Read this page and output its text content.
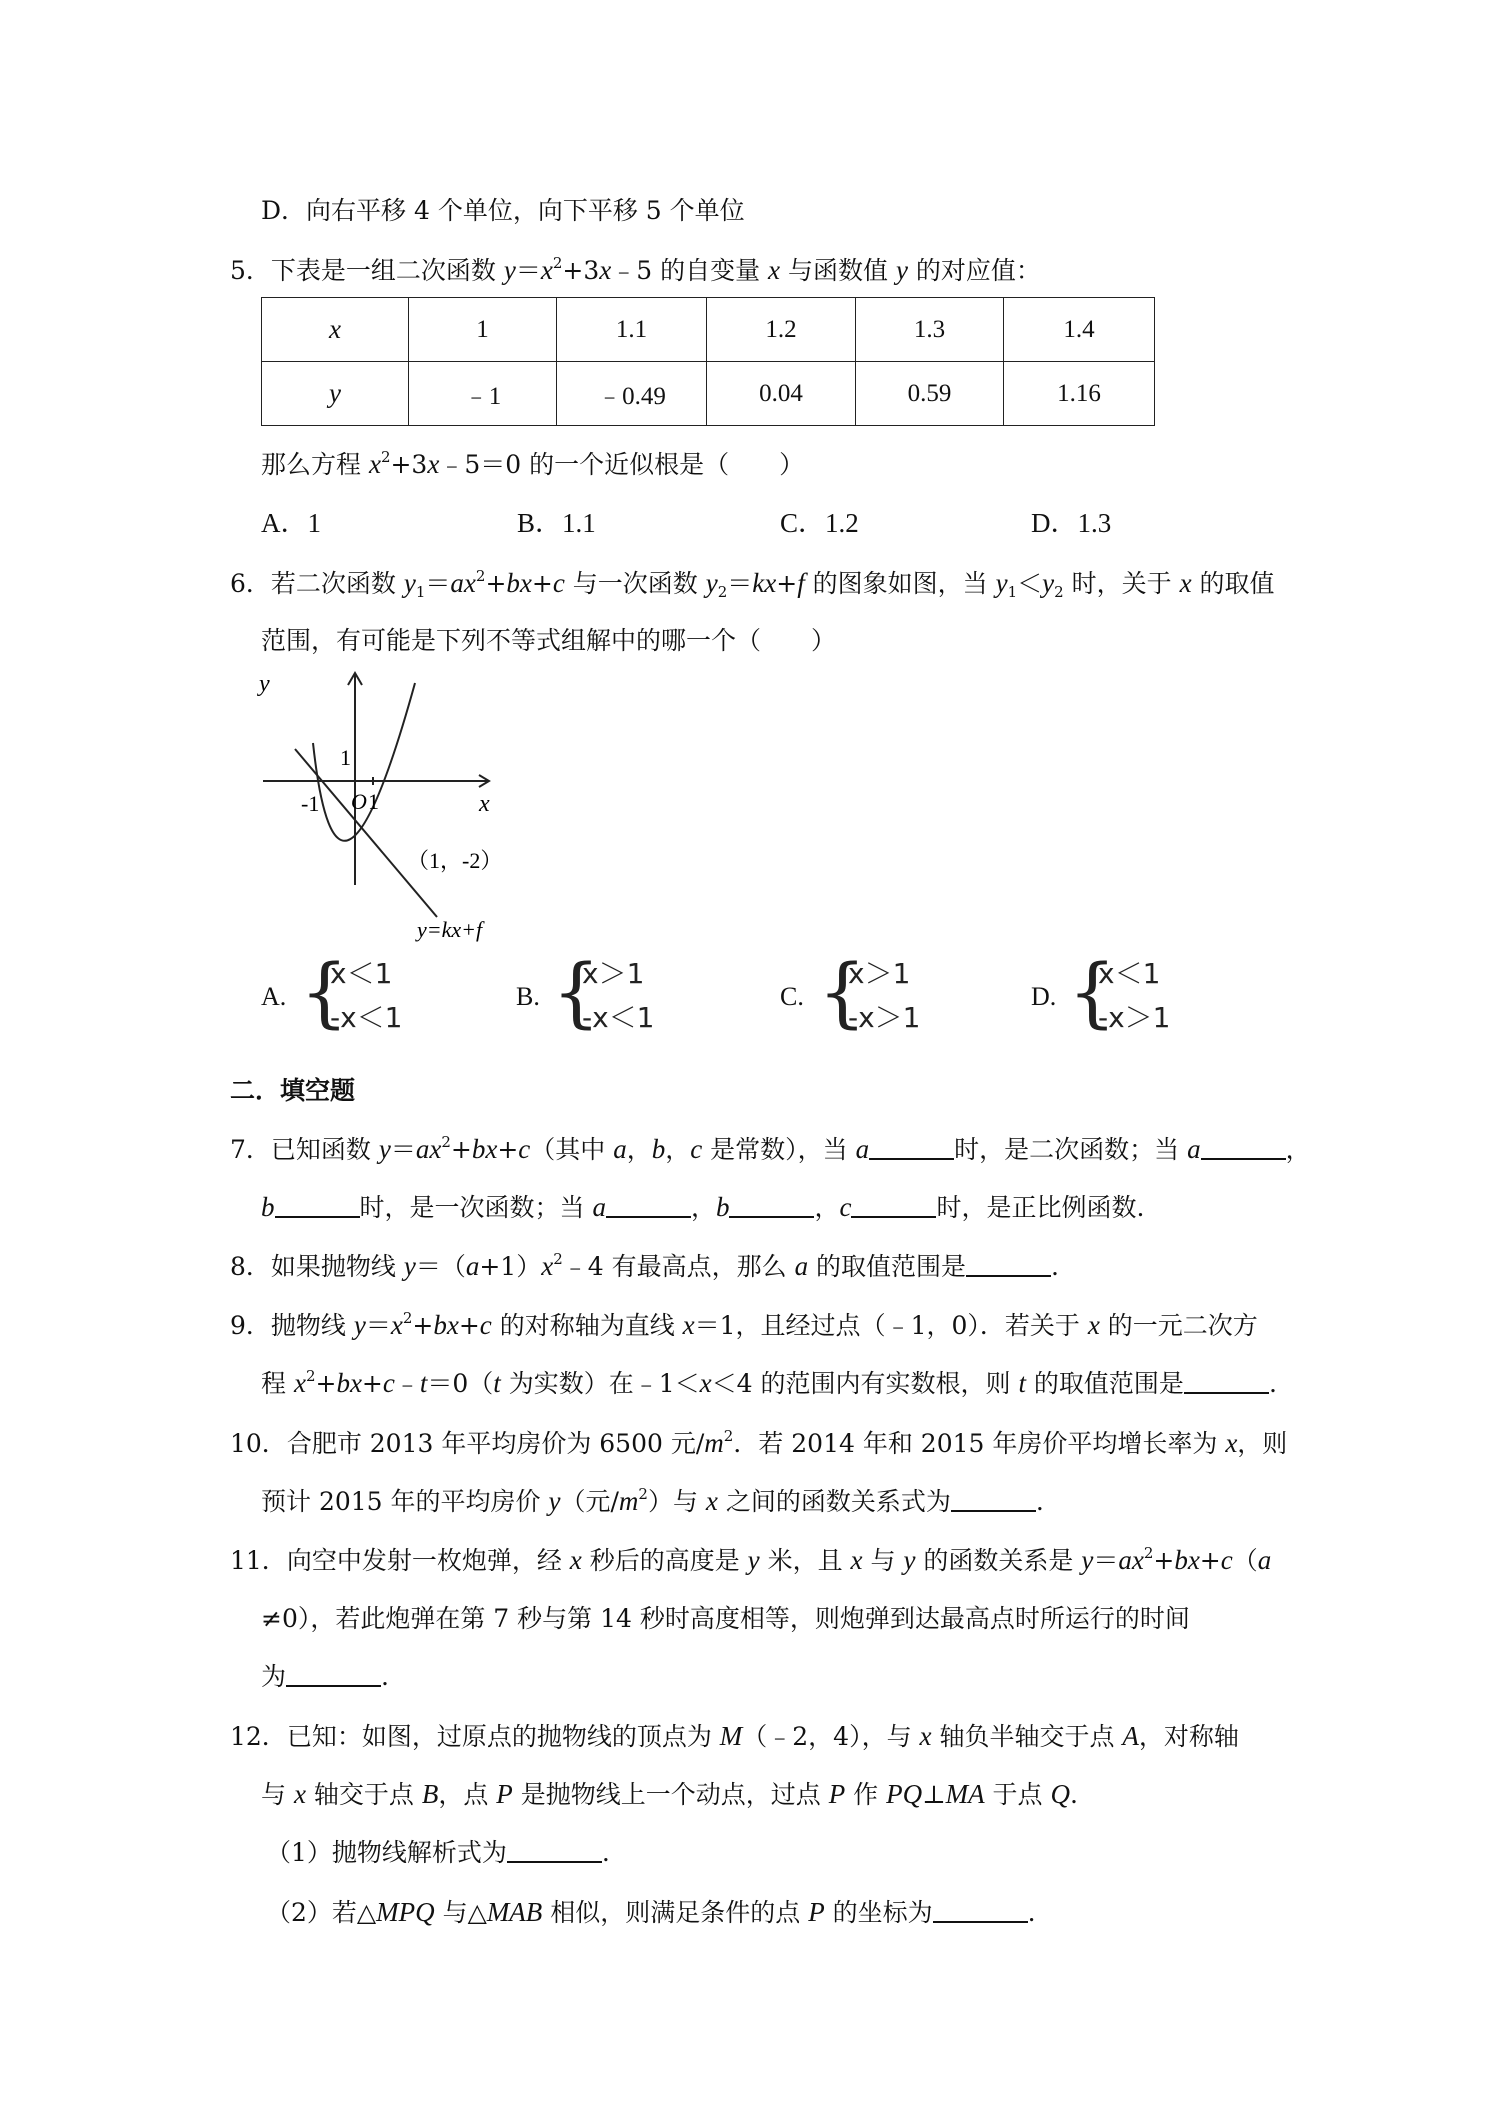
D．向右平移 4 个单位，向下平移 5 个单位
5．下表是一组二次函数 $y=x^2+3x﹣5$ 的自变量 x 与函数值 y 的对应值：
x	1	1.1	1.2	1.3	1.4
y	﹣1	﹣0.49	0.04	0.59	1.16
那么方程 $x^2+3x﹣5=0$ 的一个近似根是（　　）
A．1	B．1.1	C．1.2	D．1.3
6．若二次函数 $y_1=ax^2+bx+c$ 与一次函数 $y_2=kx+f$ 的图象如图，当 $y_1<y_2$ 时，关于 x 的取值
范围，有可能是下列不等式组解中的哪一个（　　）
y
x
1
-1 O 1
（1，-2）
y=kx+f
A. {
x＜1
-x＜1
B. {
x＞1
-x＜1
C. {
x＞1
-x＞1
D. {
x＜1
-x＞1
二．填空题
7．已知函数 $y=ax^2+bx+c$（其中 a，b，c 是常数），当 a	时，是二次函数；当 a	，
b	时，是一次函数；当 a	，b	，c	时，是正比例函数.
8．如果抛物线 $y=(a+1)x^2﹣4$ 有最高点，那么 a 的取值范围是	.
9．抛物线 $y=x^2+bx+c$ 的对称轴为直线 x＝1，且经过点（﹣1，0）．若关于 x 的一元二次方
程 $x^2+bx+c﹣t=0(t$ 为实数）在﹣1＜x＜4 的范围内有实数根，则 t 的取值范围是	.
10．合肥市 2013 年平均房价为 6500 元$/m^2$．若 2014 年和 2015 年房价平均增长率为 x，则
预计 2015 年的平均房价 y（元$/m^2$）与 x 之间的函数关系式为	.
11．向空中发射一枚炮弹，经 x 秒后的高度是 y 米，且 x 与 y 的函数关系是 $y=ax^2+bx+c(a$
≠0），若此炮弹在第 7 秒与第 14 秒时高度相等，则炮弹到达最高点时所运行的时间
为	.
12．已知：如图，过原点的抛物线的顶点为 M（﹣2，4），与 x 轴负半轴交于点 A，对称轴
与 x 轴交于点 B，点 P 是抛物线上一个动点，过点 P 作 PQ⊥MA 于点 Q.
（1）抛物线解析式为	.
（2）若△MPQ 与△MAB 相似，则满足条件的点 P 的坐标为	.
